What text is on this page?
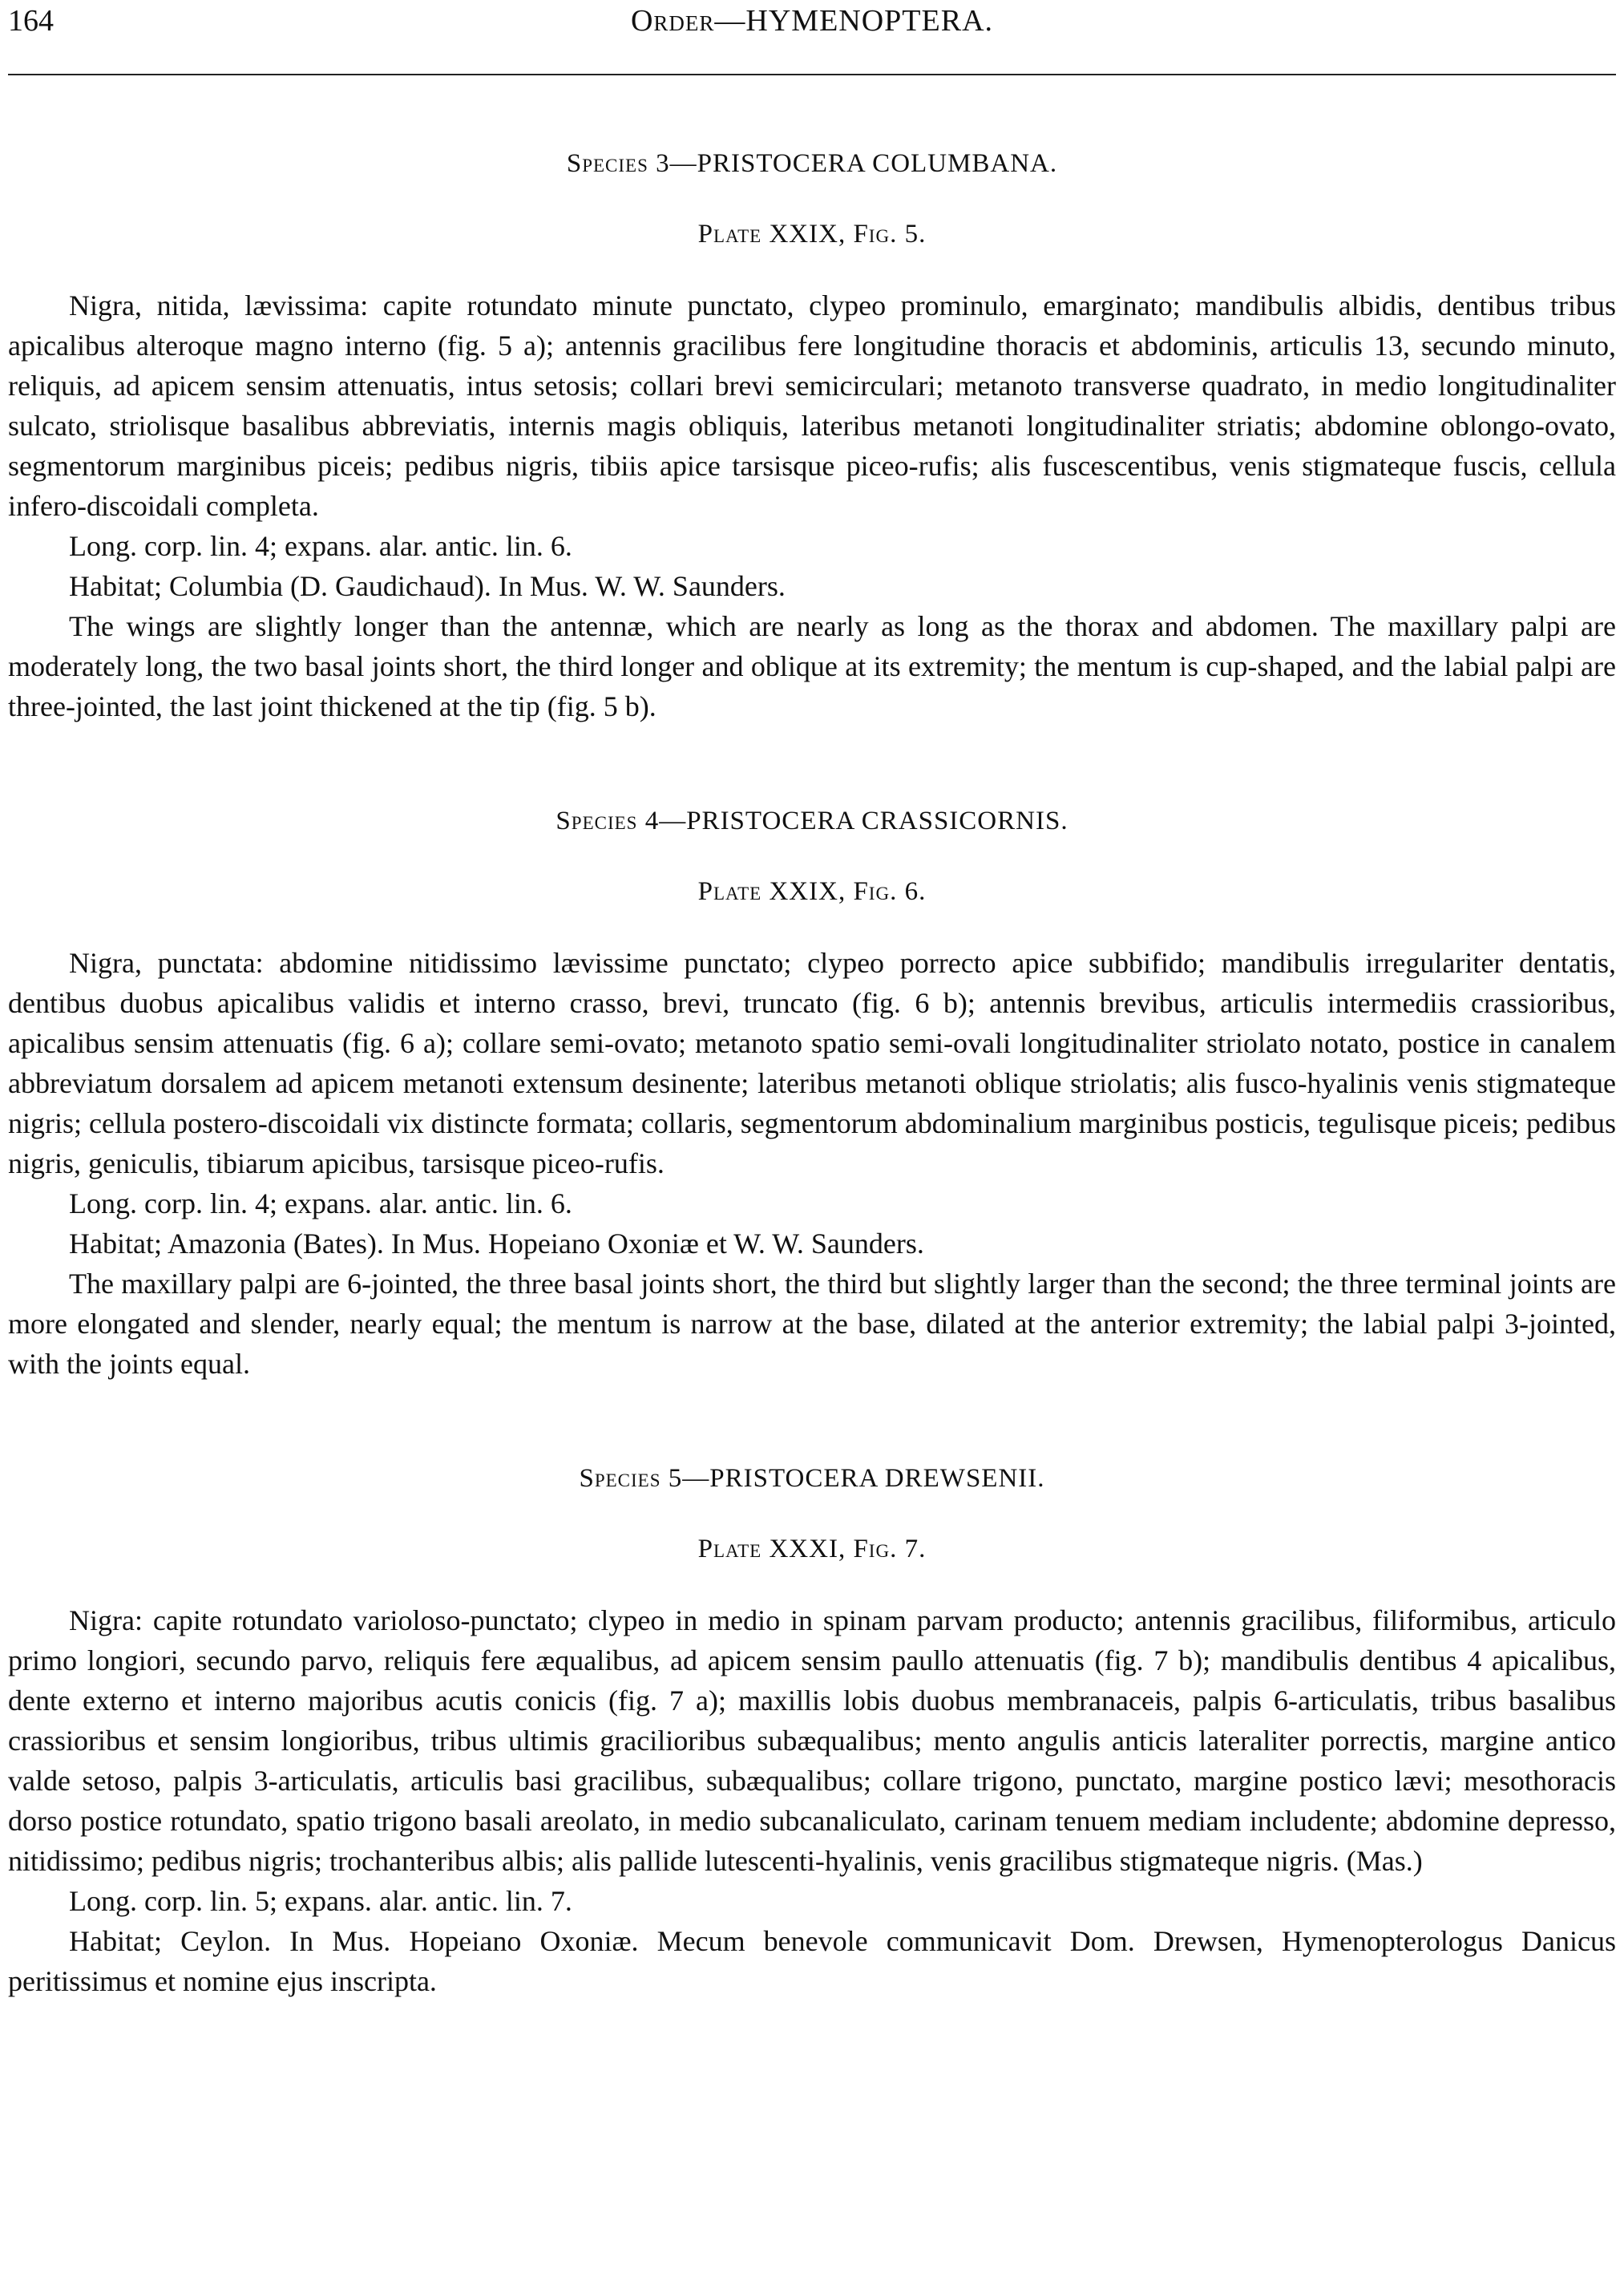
164	Order—HYMENOPTERA.
Species 3—PRISTOCERA COLUMBANA.
Plate XXIX, Fig. 5.

Nigra, nitida, lævissima: capite rotundato minute punctato, clypeo prominulo, emarginato; mandibulis albidis, dentibus tribus apicalibus alteroque magno interno (fig. 5 a); antennis gracilibus fere longitudine thoracis et abdominis, articulis 13, secundo minuto, reliquis, ad apicem sensim attenuatis, intus setosis; collari brevi semicirculari; metanoto transverse quadrato, in medio longitudinaliter sulcato, striolisque basalibus abbreviatis, internis magis obliquis, lateribus metanoti longitudinaliter striatis; abdomine oblongo-ovato, segmentorum marginibus piceis; pedibus nigris, tibiis apice tarsisque piceo-rufis; alis fuscescentibus, venis stigmateque fuscis, cellula infero-discoidali completa.

Long. corp. lin. 4; expans. alar. antic. lin. 6.

Habitat; Columbia (D. Gaudichaud). In Mus. W. W. Saunders.

The wings are slightly longer than the antennæ, which are nearly as long as the thorax and abdomen. The maxillary palpi are moderately long, the two basal joints short, the third longer and oblique at its extremity; the mentum is cup-shaped, and the labial palpi are three-jointed, the last joint thickened at the tip (fig. 5 b).

Species 4—PRISTOCERA CRASSICORNIS.
Plate XXIX, Fig. 6.

Nigra, punctata: abdomine nitidissimo lævissime punctato; clypeo porrecto apice subbifido; mandibulis irregulariter dentatis, dentibus duobus apicalibus validis et interno crasso, brevi, truncato (fig. 6 b); antennis brevibus, articulis intermediis crassioribus, apicalibus sensim attenuatis (fig. 6 a); collare semi-ovato; metanoto spatio semi-ovali longitudinaliter striolato notato, postice in canalem abbreviatum dorsalem ad apicem metanoti extensum desinente; lateribus metanoti oblique striolatis; alis fusco-hyalinis venis stigmateque nigris; cellula postero-discoidali vix distincte formata; collaris, segmentorum abdominalium marginibus posticis, tegulisque piceis; pedibus nigris, geniculis, tibiarum apicibus, tarsisque piceo-rufis.

Long. corp. lin. 4; expans. alar. antic. lin. 6.

Habitat; Amazonia (Bates). In Mus. Hopeiano Oxoniæ et W. W. Saunders.

The maxillary palpi are 6-jointed, the three basal joints short, the third but slightly larger than the second; the three terminal joints are more elongated and slender, nearly equal; the mentum is narrow at the base, dilated at the anterior extremity; the labial palpi 3-jointed, with the joints equal.

Species 5—PRISTOCERA DREWSENII.
Plate XXXI, Fig. 7.

Nigra: capite rotundato varioloso-punctato; clypeo in medio in spinam parvam producto; antennis gracilibus, filiformibus, articulo primo longiori, secundo parvo, reliquis fere æqualibus, ad apicem sensim paullo attenuatis (fig. 7 b); mandibulis dentibus 4 apicalibus, dente externo et interno majoribus acutis conicis (fig. 7 a); maxillis lobis duobus membranaceis, palpis 6-articulatis, tribus basalibus crassioribus et sensim longioribus, tribus ultimis gracilioribus subæqualibus; mento angulis anticis lateraliter porrectis, margine antico valde setoso, palpis 3-articulatis, articulis basi gracilibus, subæqualibus; collare trigono, punctato, margine postico lævi; mesothoracis dorso postice rotundato, spatio trigono basali areolato, in medio subcanaliculato, carinam tenuem mediam includente; abdomine depresso, nitidissimo; pedibus nigris; trochanteribus albis; alis pallide lutescenti-hyalinis, venis gracilibus stigmateque nigris. (Mas.)

Long. corp. lin. 5; expans. alar. antic. lin. 7.

Habitat; Ceylon. In Mus. Hopeiano Oxoniæ. Mecum benevole communicavit Dom. Drewsen, Hymenopterologus Danicus peritissimus et nomine ejus inscripta.
